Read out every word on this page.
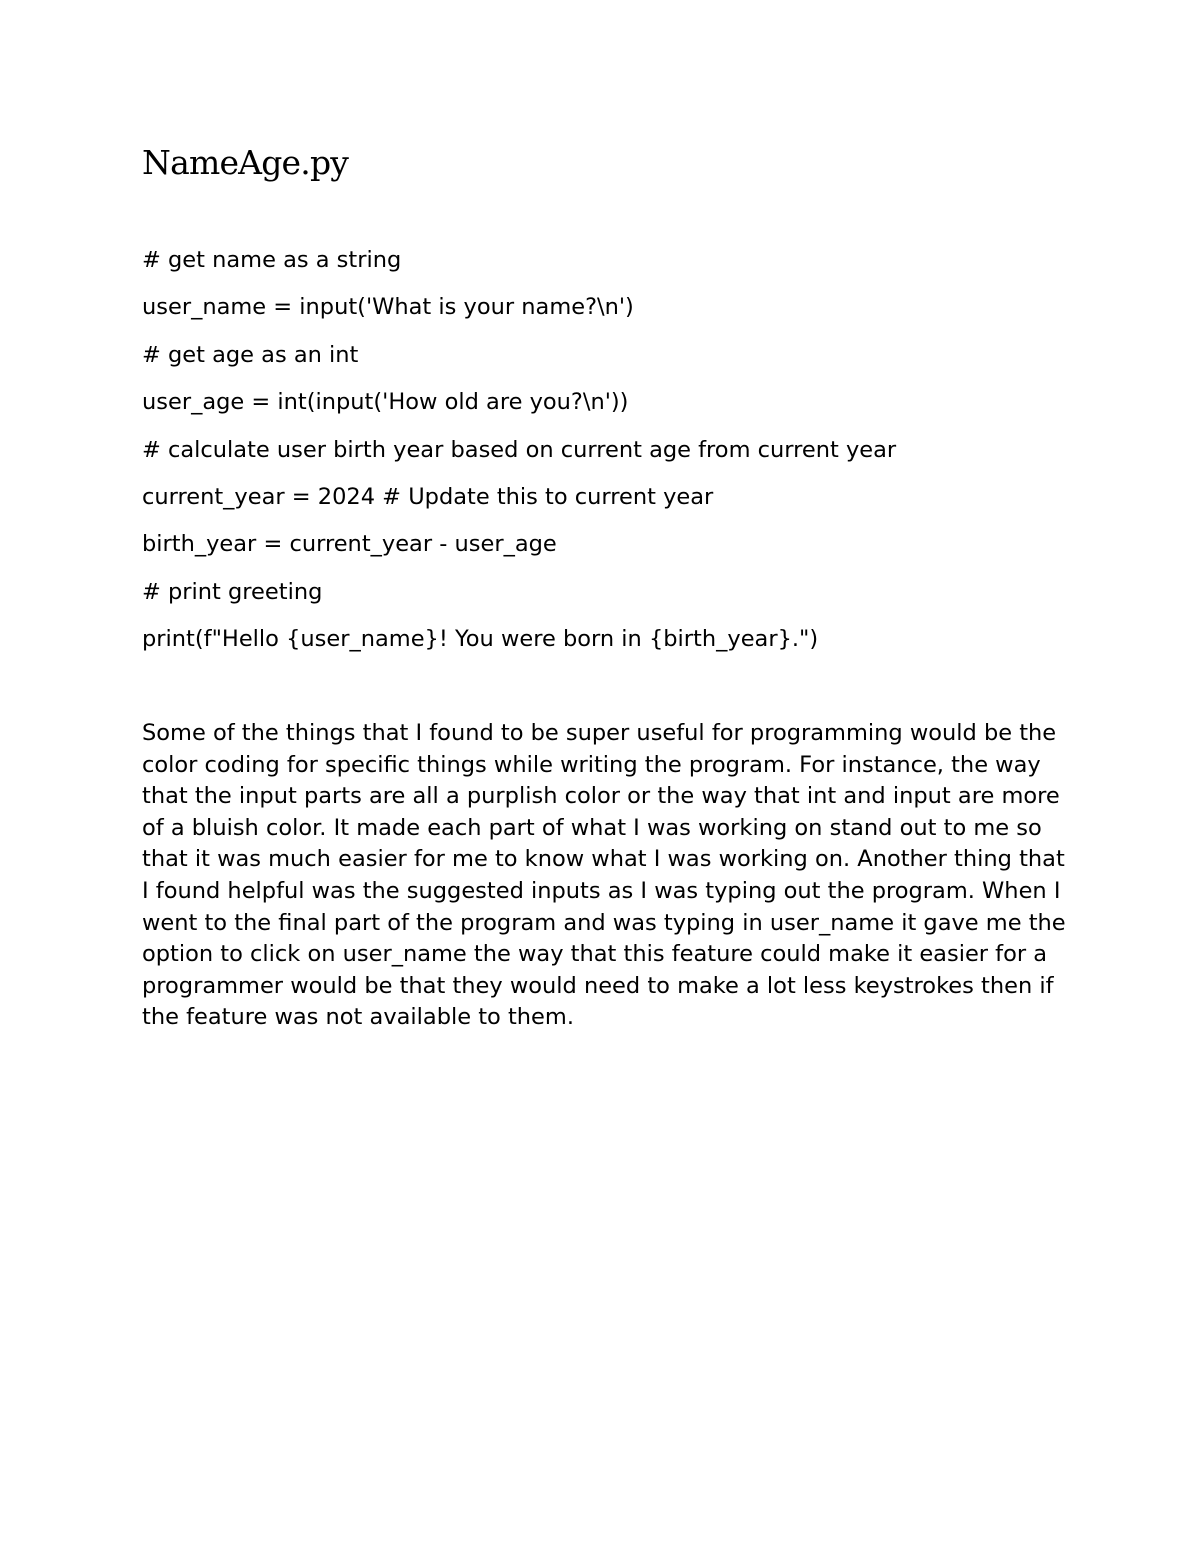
NameAge.py
# get name as a string
user_name = input('What is your name?\n')
# get age as an int
user_age = int(input('How old are you?\n'))
# calculate user birth year based on current age from current year
current_year = 2024 # Update this to current year
birth_year = current_year - user_age
# print greeting
print(f"Hello {user_name}! You were born in {birth_year}.")

Some of the things that I found to be super useful for programming would be the color coding for specific things while writing the program. For instance, the way that the input parts are all a purplish color or the way that int and input are more of a bluish color. It made each part of what I was working on stand out to me so that it was much easier for me to know what I was working on. Another thing that I found helpful was the suggested inputs as I was typing out the program. When I went to the final part of the program and was typing in user_name it gave me the option to click on user_name the way that this feature could make it easier for a programmer would be that they would need to make a lot less keystrokes then if the feature was not available to them.
